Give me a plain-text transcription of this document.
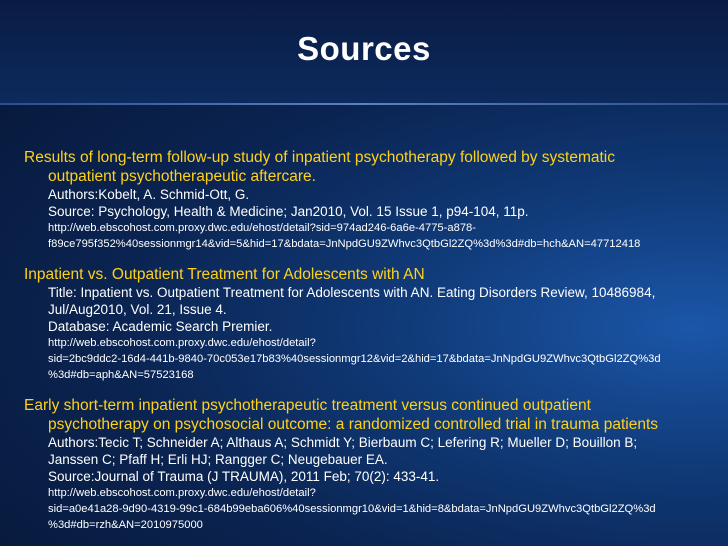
Sources
Results of long-term follow-up study of inpatient psychotherapy followed by systematic
outpatient psychotherapeutic aftercare.
Authors:Kobelt, A. Schmid-Ott, G.
Source: Psychology, Health & Medicine; Jan2010, Vol. 15 Issue 1, p94-104, 11p.
http://web.ebscohost.com.proxy.dwc.edu/ehost/detail?sid=974ad246-6a6e-4775-a878-
f89ce795f352%40sessionmgr14&vid=5&hid=17&bdata=JnNpdGU9ZWhvc3QtbGl2ZQ%3d%3d#db=hch&AN=47712418
Inpatient vs. Outpatient Treatment for Adolescents with AN
Title: Inpatient vs. Outpatient Treatment for Adolescents with AN. Eating Disorders Review, 10486984,
Jul/Aug2010, Vol. 21, Issue 4.
Database: Academic Search Premier.
http://web.ebscohost.com.proxy.dwc.edu/ehost/detail?
sid=2bc9ddc2-16d4-441b-9840-70c053e17b83%40sessionmgr12&vid=2&hid=17&bdata=JnNpdGU9ZWhvc3QtbGl2ZQ%3d
%3d#db=aph&AN=57523168
Early short-term inpatient psychotherapeutic treatment versus continued outpatient
psychotherapy on psychosocial outcome: a randomized controlled trial in trauma patients
Authors:Tecic T; Schneider A; Althaus A; Schmidt Y; Bierbaum C; Lefering R; Mueller D; Bouillon B;
Janssen C; Pfaff H; Erli HJ; Rangger C; Neugebauer EA.
Source:Journal of Trauma (J TRAUMA), 2011 Feb; 70(2): 433-41.
http://web.ebscohost.com.proxy.dwc.edu/ehost/detail?
sid=a0e41a28-9d90-4319-99c1-684b99eba606%40sessionmgr10&vid=1&hid=8&bdata=JnNpdGU9ZWhvc3QtbGl2ZQ%3d
%3d#db=rzh&AN=2010975000
